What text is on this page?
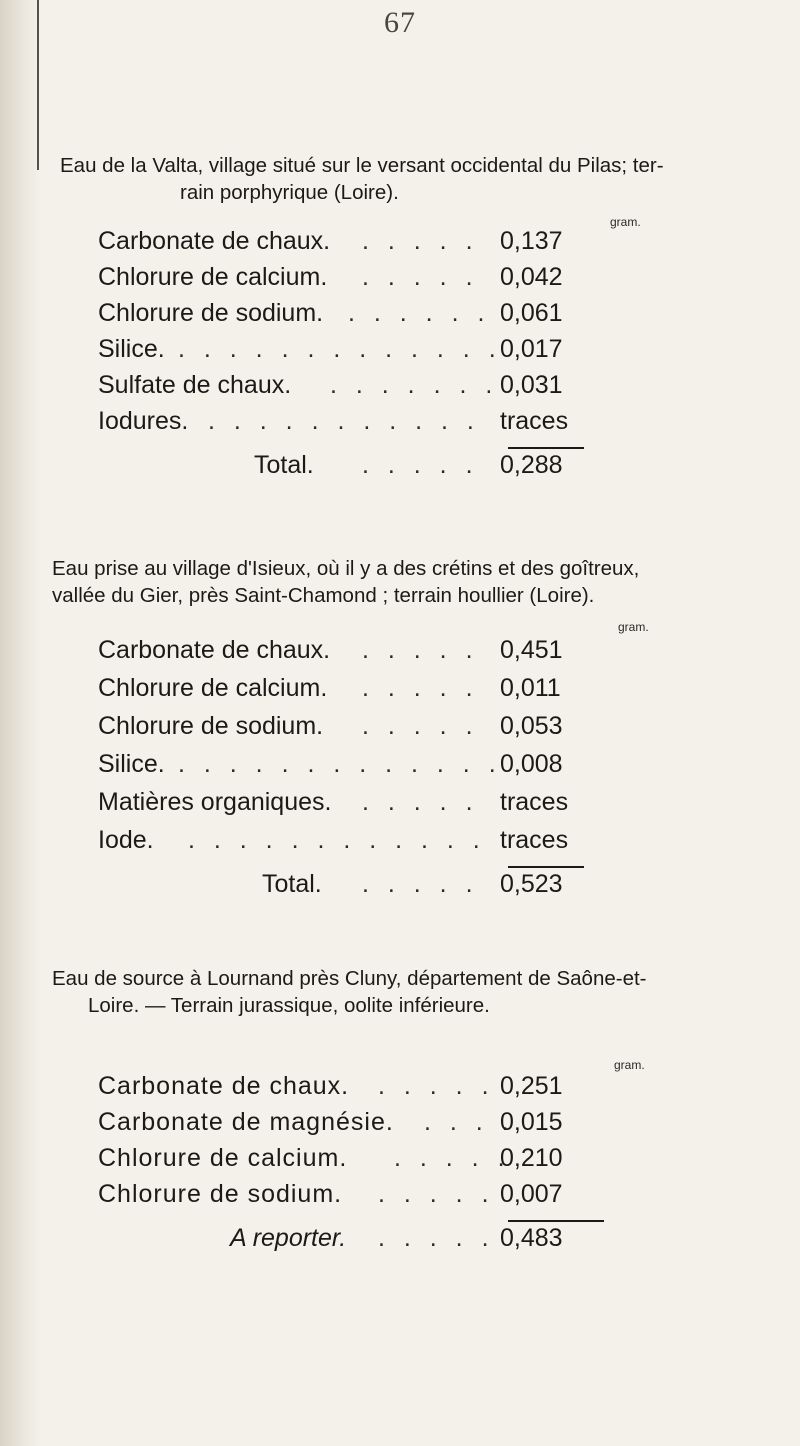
67
Eau de la Valta, village situé sur le versant occidental du Pilas; ter-
rain porphyrique (Loire).
gram.
Carbonate de chaux. . . . . . 0,137
Chlorure de calcium. . . . . . 0,042
Chlorure de sodium. . . . . . . 0,061
Silice. . . . . . . . . . . . . .
0,017
Sulfate de chaux. . . . . . . . 0,031
Iodures. . . . . . . . . . . . traces
Total. . . . . . 0,288
Eau prise au village d'Isieux, où il y a des crétins et des goîtreux,
vallée du Gier, près Saint-Chamond ; terrain houllier (Loire).
gram.
Carbonate de chaux. . . . . . 0,451
Chlorure de calcium. . . . . . 0,011
Chlorure de sodium. . . . . . 0,053
Silice. . . . . . . . . . . . . .
0,008
Matières organiques. . . . . . traces
Iode. . . . . . . . . . . . . traces
Total. . . . . . 0,523
Eau de source à Lournand près Cluny, département de Saône-et-
Loire. — Terrain jurassique, oolite inférieure.
gram.
Carbonate de chaux. . . . . . 0,251
Carbonate de magnésie. . . . .
0,015
Chlorure de calcium. . . . . .
0,210
Chlorure de sodium. . . . . . 0,007
A reporter. . . . . . 0,483
